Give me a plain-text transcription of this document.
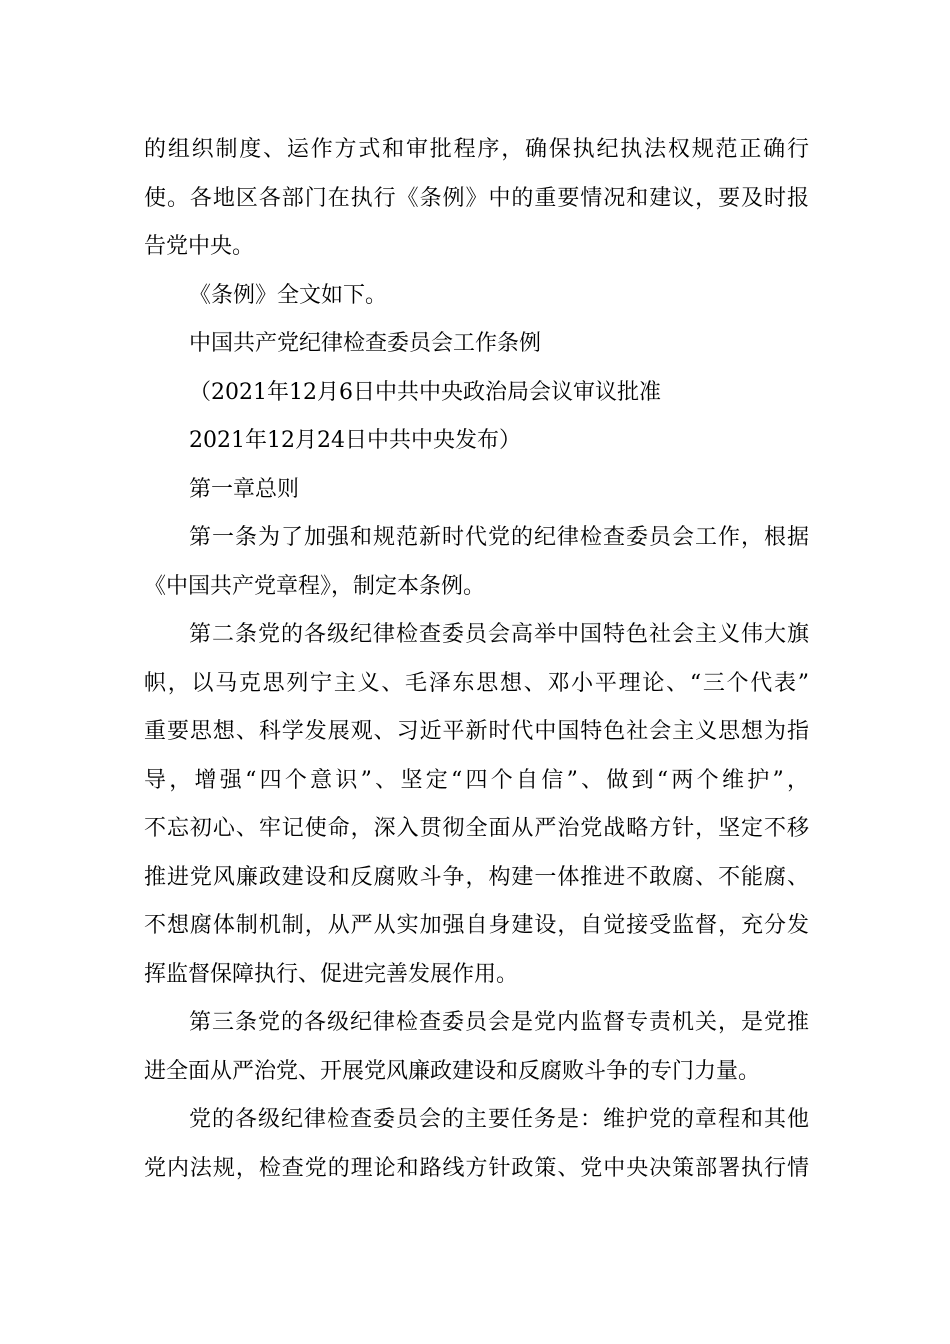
的组织制度、运作方式和审批程序，确保执纪执法权规范正确行
使。各地区各部门在执行《条例》中的重要情况和建议，要及时报
告党中央。
《条例》全文如下。
中国共产党纪律检查委员会工作条例
（2021年12月6日中共中央政治局会议审议批准
2021年12月24日中共中央发布）
第一章总则
第一条为了加强和规范新时代党的纪律检查委员会工作，根据
《中国共产党章程》，制定本条例。
第二条党的各级纪律检查委员会高举中国特色社会主义伟大旗
帜，以马克思列宁主义、毛泽东思想、邓小平理论、“三个代表”
重要思想、科学发展观、习近平新时代中国特色社会主义思想为指
导，增强“四个意识”、坚定“四个自信”、做到“两个维护”，
不忘初心、牢记使命，深入贯彻全面从严治党战略方针，坚定不移
推进党风廉政建设和反腐败斗争，构建一体推进不敢腐、不能腐、
不想腐体制机制，从严从实加强自身建设，自觉接受监督，充分发
挥监督保障执行、促进完善发展作用。
第三条党的各级纪律检查委员会是党内监督专责机关，是党推
进全面从严治党、开展党风廉政建设和反腐败斗争的专门力量。
党的各级纪律检查委员会的主要任务是：维护党的章程和其他
党内法规，检查党的理论和路线方针政策、党中央决策部署执行情
